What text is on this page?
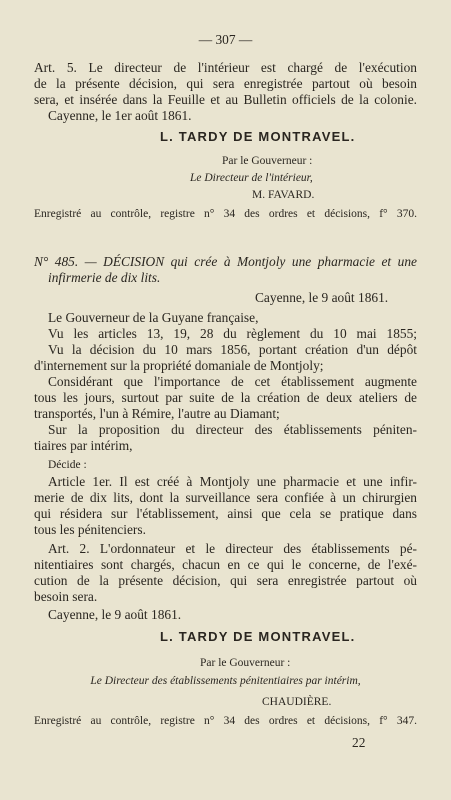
— 307 —
Art. 5. Le directeur de l'intérieur est chargé de l'exécution
de la présente décision, qui sera enregistrée partout où besoin
sera, et insérée dans la Feuille et au Bulletin officiels de la colonie.
Cayenne, le 1er août 1861.
L. TARDY DE MONTRAVEL.
Par le Gouverneur :
Le Directeur de l'intérieur,
M. FAVARD.
Enregistré au contrôle, registre n° 34 des ordres et décisions, f° 370.
N° 485. — DÉCISION qui crée à Montjoly une pharmacie et une
infirmerie de dix lits.
Cayenne, le 9 août 1861.
Le Gouverneur de la Guyane française,
Vu les articles 13, 19, 28 du règlement du 10 mai 1855;
Vu la décision du 10 mars 1856, portant création d'un dépôt
d'internement sur la propriété domaniale de Montjoly;
Considérant que l'importance de cet établissement augmente
tous les jours, surtout par suite de la création de deux ateliers de
transportés, l'un à Rémire, l'autre au Diamant;
Sur la proposition du directeur des établissements péniten-
tiaires par intérim,
Décide :
Article 1er. Il est créé à Montjoly une pharmacie et une infir-
merie de dix lits, dont la surveillance sera confiée à un chirurgien
qui résidera sur l'établissement, ainsi que cela se pratique dans
tous les pénitenciers.
Art. 2. L'ordonnateur et le directeur des établissements pé-
nitentiaires sont chargés, chacun en ce qui le concerne, de l'exé-
cution de la présente décision, qui sera enregistrée partout où
besoin sera.
Cayenne, le 9 août 1861.
L. TARDY DE MONTRAVEL.
Par le Gouverneur :
Le Directeur des établissements pénitentiaires par intérim,
CHAUDIÈRE.
Enregistré au contrôle, registre n° 34 des ordres et décisions, f° 347.
22
